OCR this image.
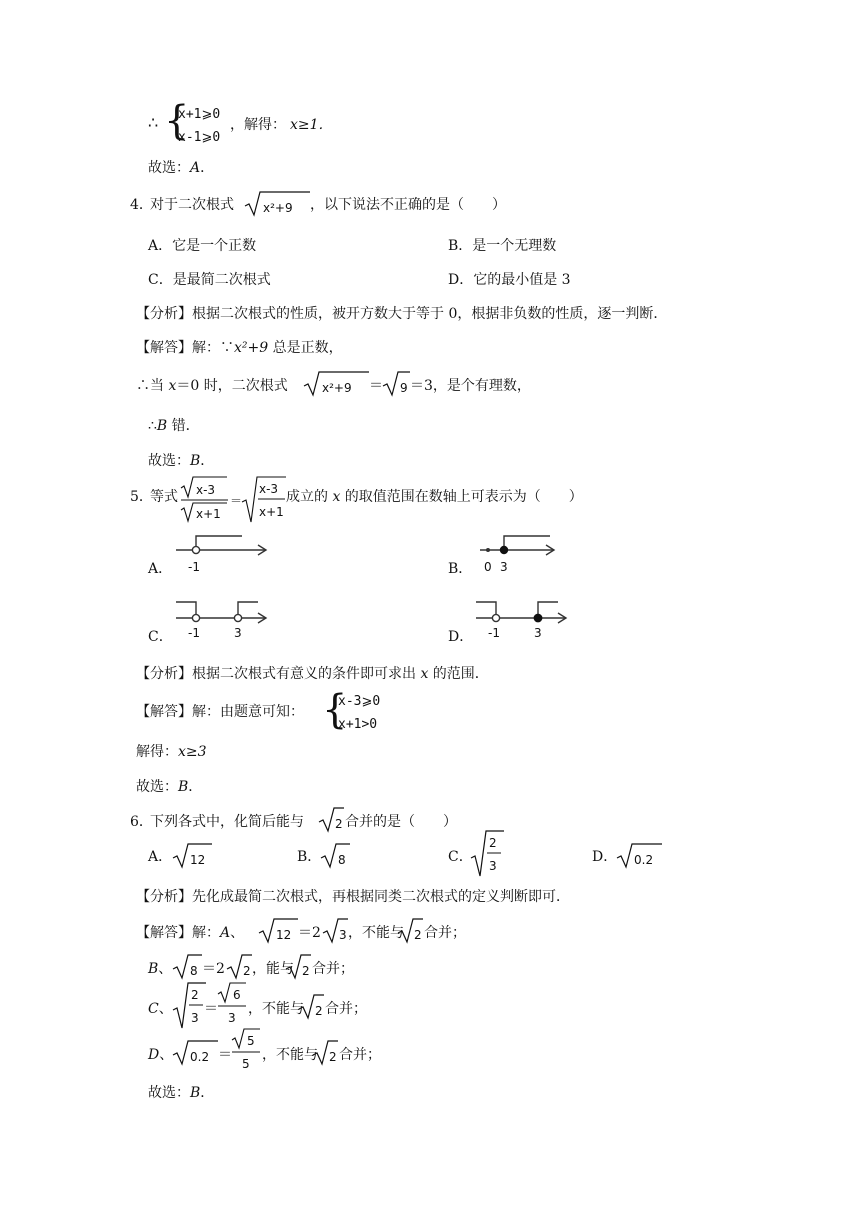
∴ {
x+1⩾0
x-1⩾0
，解得： x≥1．
故选：A．
4．
对于二次根式 x²+9 ，以下说法不正确的是（　　）
A．它是一个正数	B．是一个无理数
C．是最简二次根式	D．它的最小值是 3
【分析】根据二次根式的性质，被开方数大于等于 0，根据非负数的性质，逐一判断．
【解答】解：∵x²+9 总是正数，
∴当 x＝0 时，二次根式	x²+9 ＝ 9 ＝3，是个有理数，
∴B 错．
故选：B．
5．
等式 x-3
x+1
＝
x-3
x+1
成立的 x 的取值范围在数轴上可表示为（　　）
A． -1	B． 0 3
C． -1	3	D． -1	3
【分析】根据二次根式有意义的条件即可求出 x 的范围．
【解答】解：由题意可知： {
x-3⩾0
x+1>0
解得：x≥3
故选：B．
6．
下列各式中，化简后能与	2 合并的是（　　）
A． 12	B． 8	C．
2
3
D． 0.2
【分析】先化成最简二次根式，再根据同类二次根式的定义判断即可．
【解答】解：A、	12 ＝2 3 ，不能与 2 合并；
B、 8 ＝2 2 ，能与 2 合并；
C、
2
3
＝
6
3
，不能与 2 合并；
D、 0.2 ＝
5
5
，不能与 2 合并；
故选：B．
